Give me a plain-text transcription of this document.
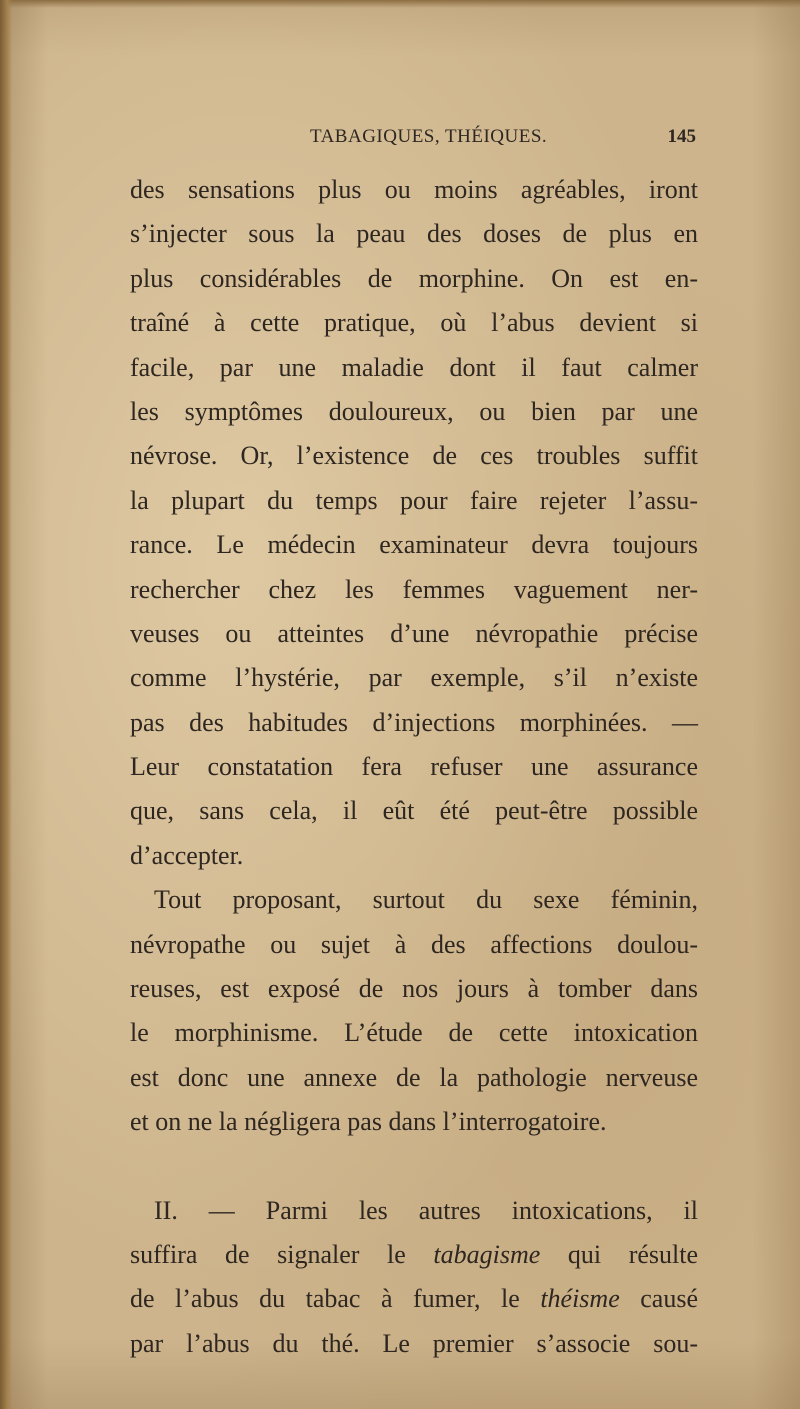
TABAGIQUES, THÉIQUES.	145
des sensations plus ou moins agréables, iront
s’injecter sous la peau des doses de plus en
plus considérables de morphine. On est en-
traîné à cette pratique, où l’abus devient si
facile, par une maladie dont il faut calmer
les symptômes douloureux, ou bien par une
névrose. Or, l’existence de ces troubles suffit
la plupart du temps pour faire rejeter l’assu-
rance. Le médecin examinateur devra toujours
rechercher chez les femmes vaguement ner-
veuses ou atteintes d’une névropathie précise
comme l’hystérie, par exemple, s’il n’existe
pas des habitudes d’injections morphinées. —
Leur constatation fera refuser une assurance
que, sans cela, il eût été peut-être possible
d’accepter.
Tout proposant, surtout du sexe féminin,
névropathe ou sujet à des affections doulou-
reuses, est exposé de nos jours à tomber dans
le morphinisme. L’étude de cette intoxication
est donc une annexe de la pathologie nerveuse
et on ne la négligera pas dans l’interrogatoire.
II. — Parmi les autres intoxications, il
suffira de signaler le tabagisme qui résulte
de l’abus du tabac à fumer, le théisme causé
par l’abus du thé. Le premier s’associe sou-
